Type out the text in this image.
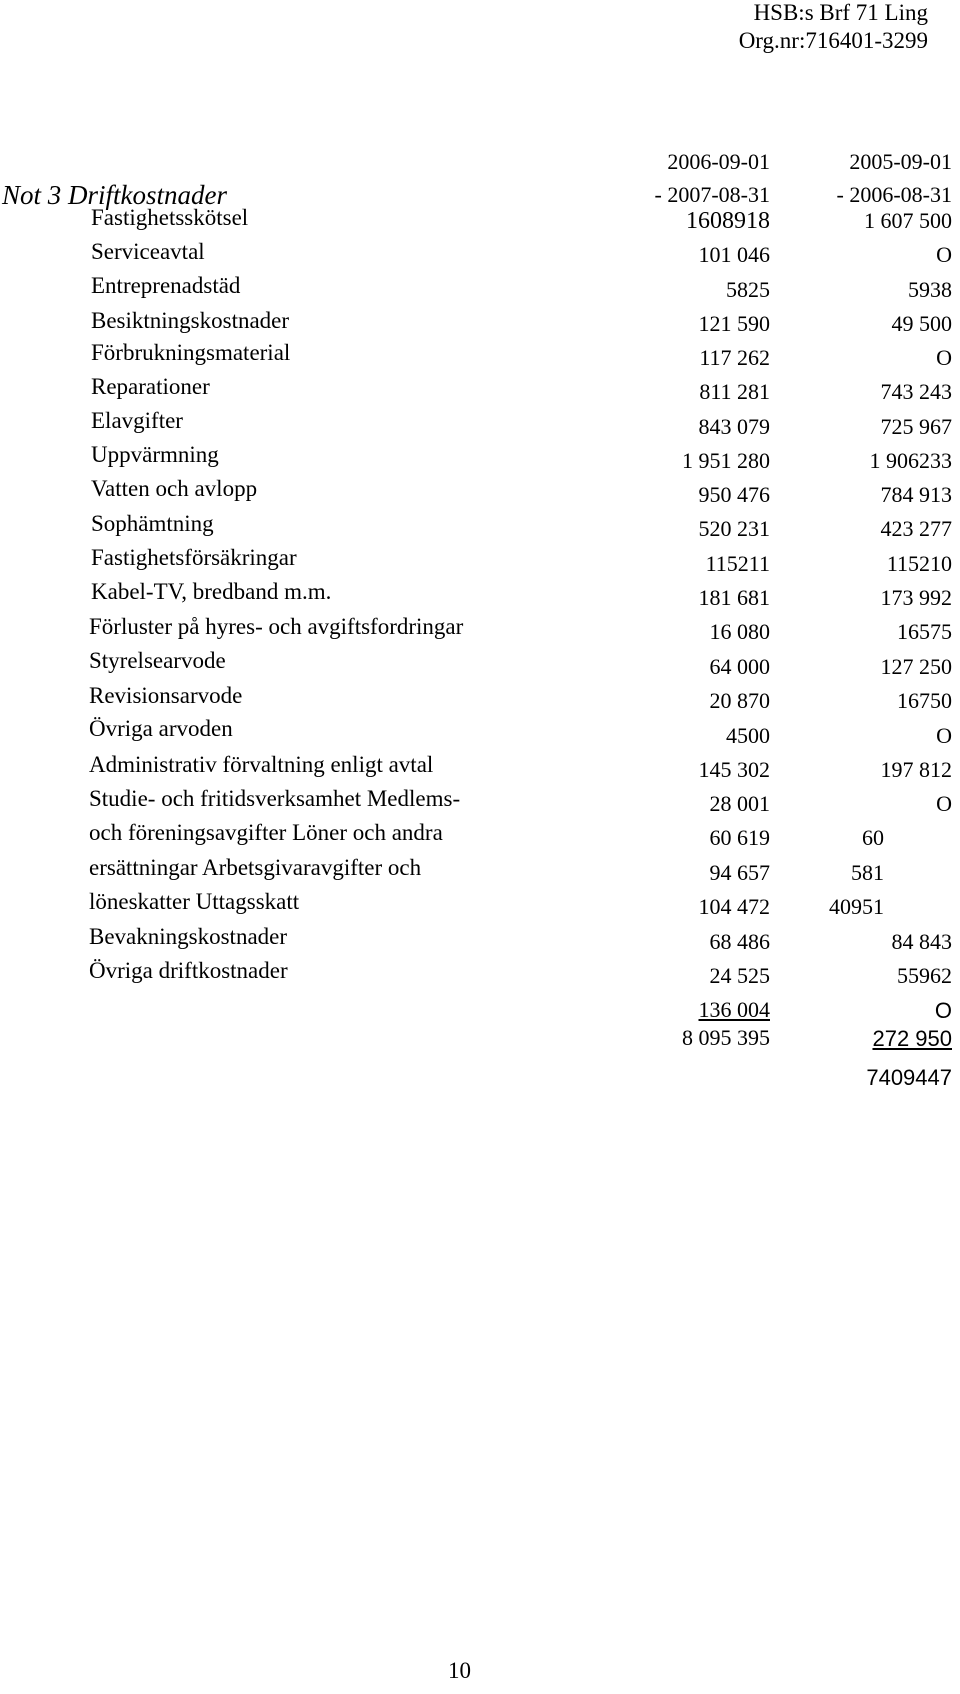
HSB:s Brf 71 Ling
Org.nr:716401-3299
Not 3 Driftkostnader
2006-09-01
- 2007-08-31
2005-09-01
- 2006-08-31
Fastighetsskötsel
Serviceavtal
Entreprenadstäd
Besiktningskostnader
Förbrukningsmaterial
Reparationer
Elavgifter
Uppvärmning
Vatten och avlopp
Sophämtning
Fastighetsförsäkringar
Kabel-TV, bredband m.m.
Förluster på hyres- och avgiftsfordringar
Styrelsearvode
Revisionsarvode
Övriga arvoden
Administrativ förvaltning enligt avtal
Studie- och fritidsverksamhet Medlems-
och föreningsavgifter Löner och andra
ersättningar Arbetsgivaravgifter och
löneskatter Uttagsskatt
Bevakningskostnader
Övriga driftkostnader
1608918
101 046
5825
121 590
117 262
811 281
843 079
1 951 280
950 476
520 231
115211
181 681
16 080
64 000
20 870
4500
145 302
28 001
60 619
94 657
104 472
68 486
24 525
136 004
1 607 500
O
5938
49 500
O
743 243
725 967
1 906233
784 913
423 277
115210
173 992
16575
127 250
16750
O
197 812
O
60
581
40951
84 843
55962
O
8 095 395	272 950
7409447
10
